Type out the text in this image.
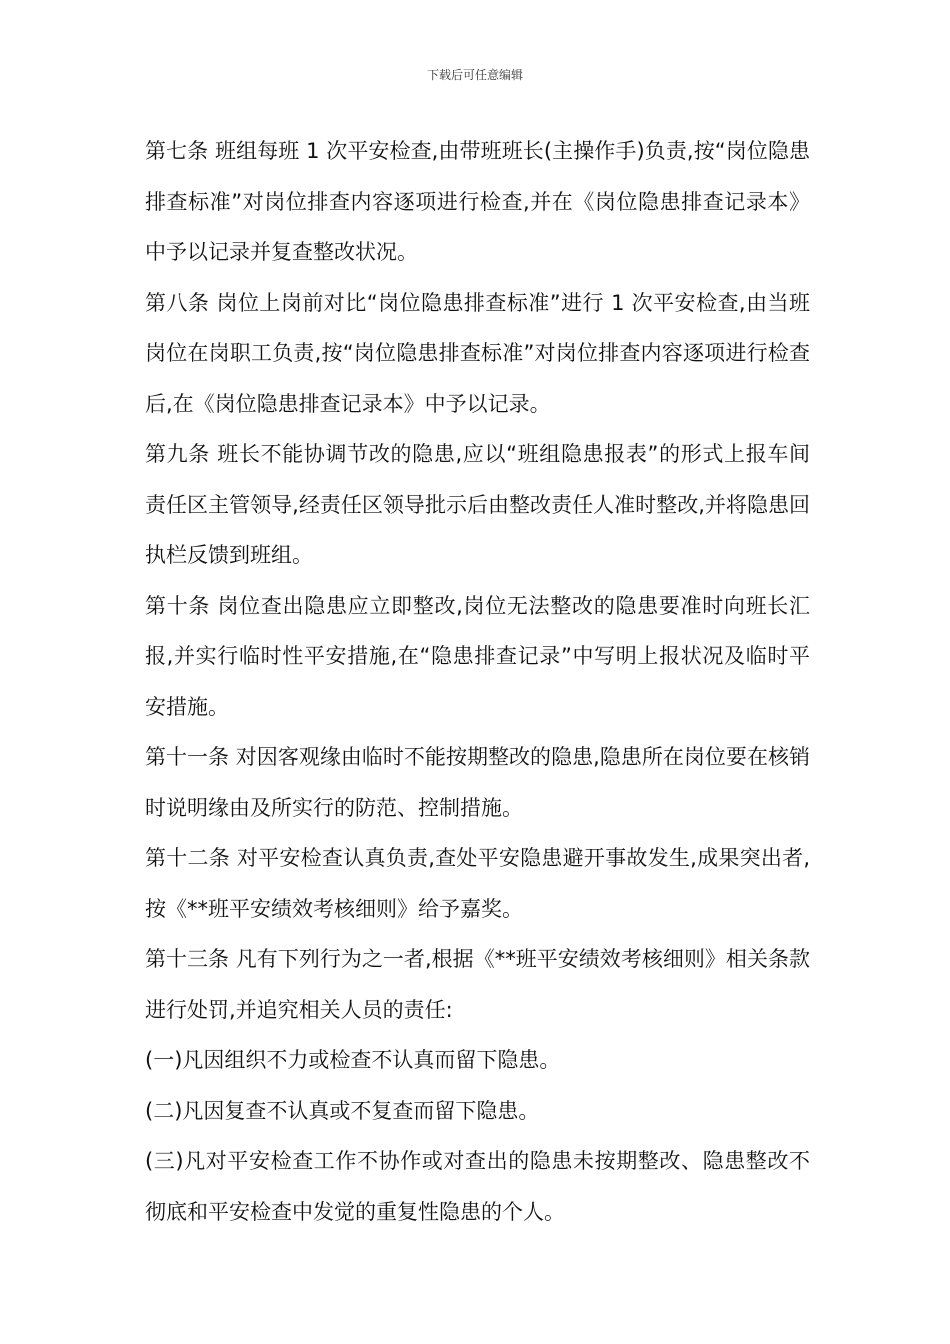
下载后可任意编辑

第七条 班组每班 1 次平安检查,由带班班长(主操作手)负责,按“岗位隐患排查标准”对岗位排查内容逐项进行检查,并在《岗位隐患排查记录本》中予以记录并复查整改状况。

第八条 岗位上岗前对比“岗位隐患排查标准”进行 1 次平安检查,由当班岗位在岗职工负责,按“岗位隐患排查标准”对岗位排查内容逐项进行检查后,在《岗位隐患排查记录本》中予以记录。

第九条 班长不能协调节改的隐患,应以“班组隐患报表”的形式上报车间责任区主管领导,经责任区领导批示后由整改责任人准时整改,并将隐患回执栏反馈到班组。

第十条 岗位查出隐患应立即整改,岗位无法整改的隐患要准时向班长汇报,并实行临时性平安措施,在“隐患排查记录”中写明上报状况及临时平安措施。

第十一条 对因客观缘由临时不能按期整改的隐患,隐患所在岗位要在核销时说明缘由及所实行的防范、控制措施。

第十二条 对平安检查认真负责,查处平安隐患避开事故发生,成果突出者,按《**班平安绩效考核细则》给予嘉奖。

第十三条 凡有下列行为之一者,根据《**班平安绩效考核细则》相关条款进行处罚,并追究相关人员的责任:

(一)凡因组织不力或检查不认真而留下隐患。

(二)凡因复查不认真或不复查而留下隐患。

(三)凡对平安检查工作不协作或对查出的隐患未按期整改、隐患整改不彻底和平安检查中发觉的重复性隐患的个人。
